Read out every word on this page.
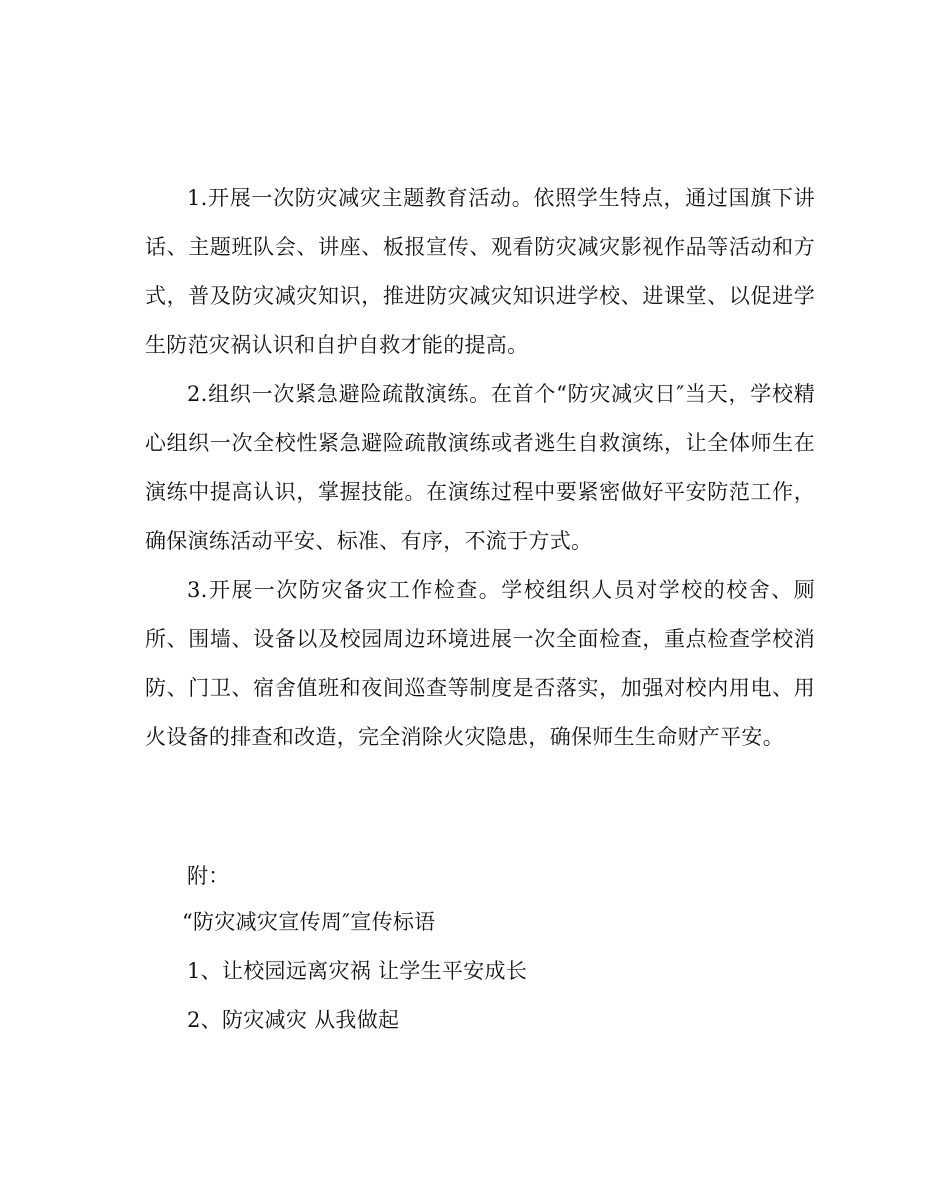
1.开展一次防灾减灾主题教育活动。依照学生特点，通过国旗下讲话、主题班队会、讲座、板报宣传、观看防灾减灾影视作品等活动和方式，普及防灾减灾知识，推进防灾减灾知识进学校、进课堂、以促进学生防范灾祸认识和自护自救才能的提高。

2.组织一次紧急避险疏散演练。在首个“防灾减灾日″当天，学校精心组织一次全校性紧急避险疏散演练或者逃生自救演练，让全体师生在演练中提高认识，掌握技能。在演练过程中要紧密做好平安防范工作，确保演练活动平安、标准、有序，不流于方式。

3.开展一次防灾备灾工作检查。学校组织人员对学校的校舍、厕所、围墙、设备以及校园周边环境进展一次全面检查，重点检查学校消防、门卫、宿舍值班和夜间巡查等制度是否落实，加强对校内用电、用火设备的排查和改造，完全消除火灾隐患，确保师生生命财产平安。

附：

“防灾减灾宣传周″宣传标语

1、让校园远离灾祸 让学生平安成长

2、防灾减灾 从我做起
